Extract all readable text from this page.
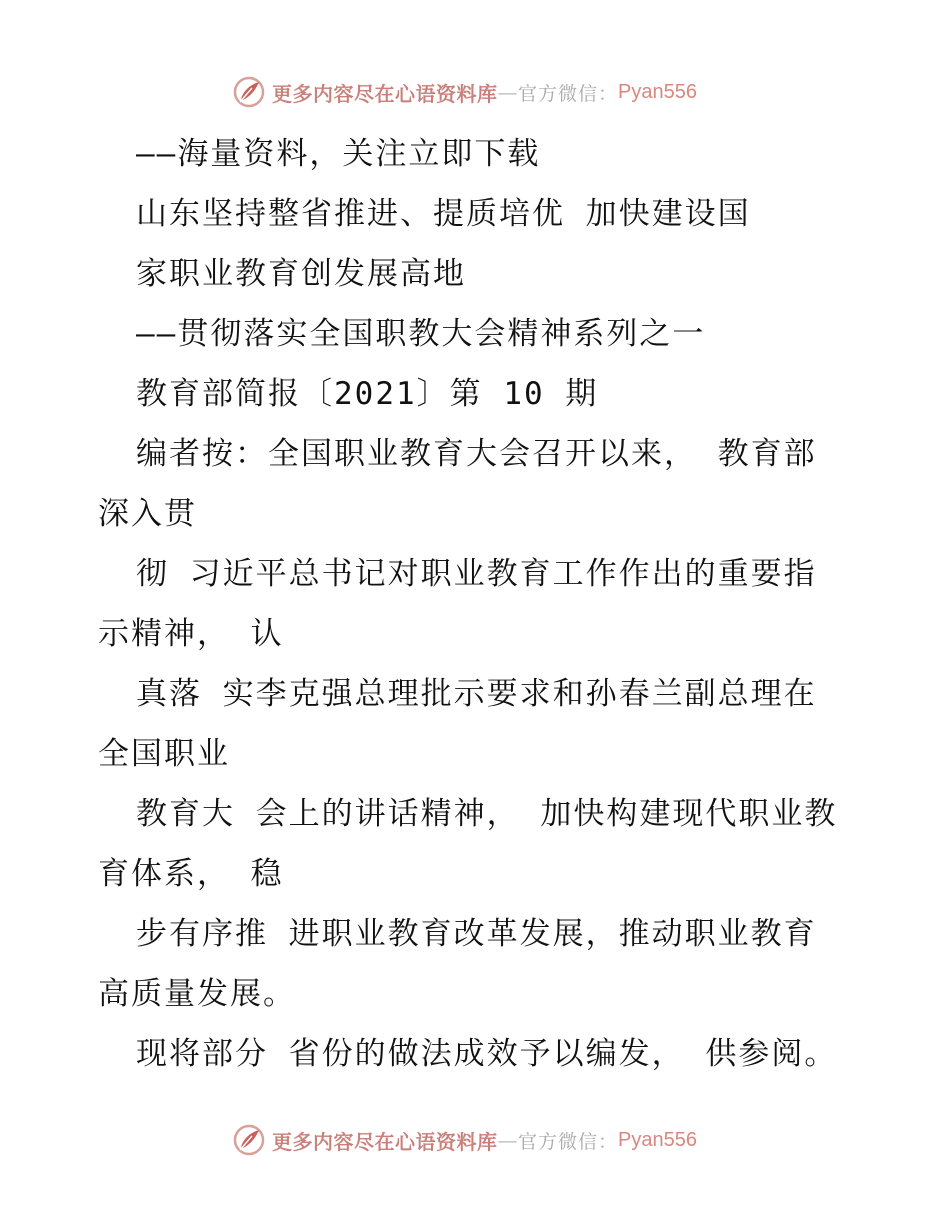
更多内容尽在心语资料库 — 官方微信： Pyan556
——海量资料，关注立即下载
山东坚持整省推进、提质培优 加快建设国
家职业教育创发展高地
——贯彻落实全国职教大会精神系列之一
教育部简报〔2021〕第 10 期
编者按：全国职业教育大会召开以来， 教育部
深入贯
彻 习近平总书记对职业教育工作作出的重要指
示精神， 认
真落 实李克强总理批示要求和孙春兰副总理在
全国职业
教育大 会上的讲话精神， 加快构建现代职业教
育体系， 稳
步有序推 进职业教育改革发展，推动职业教育
高质量发展。
现将部分 省份的做法成效予以编发， 供参阅。
更多内容尽在心语资料库 — 官方微信： Pyan556
